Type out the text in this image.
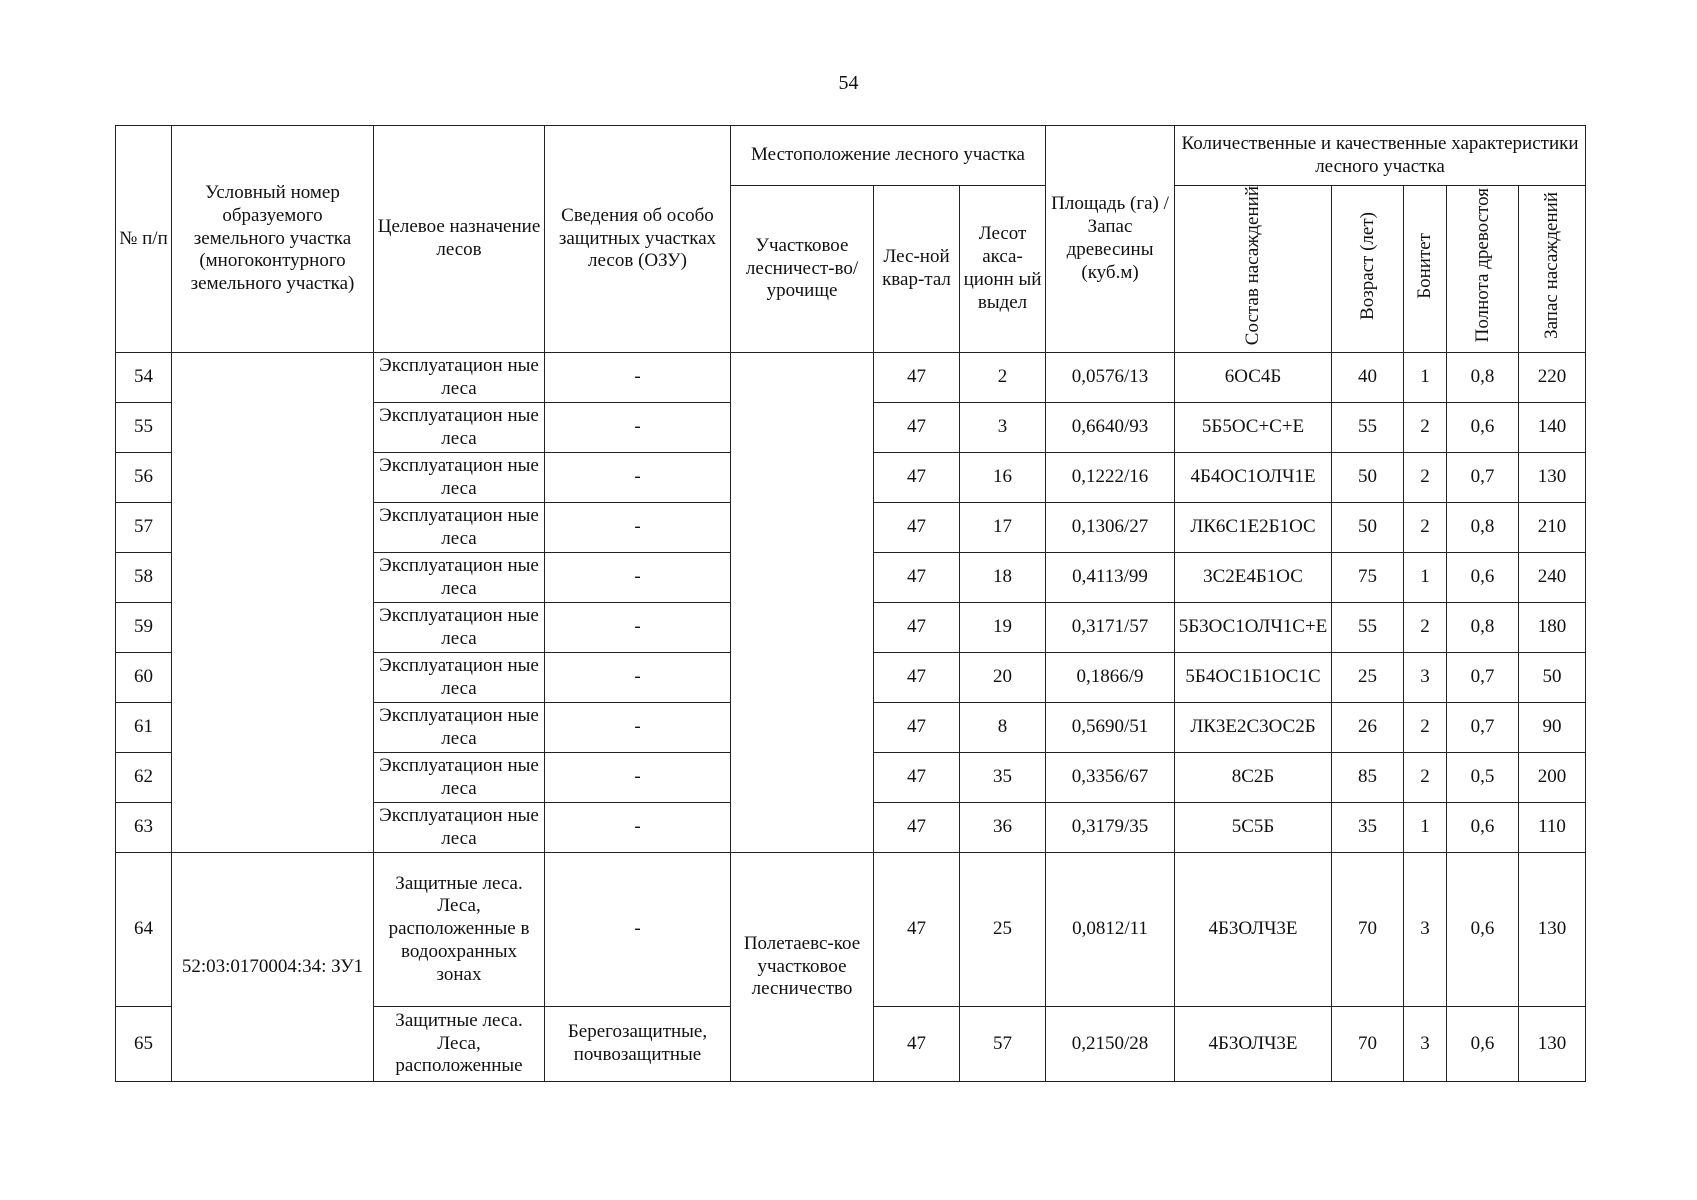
54
№ п/п	Условный номер образуемого земельного участка (многоконтурного земельного участка)	Целевое назначение лесов	Сведения об особо защитных участках лесов (ОЗУ)	Местоположение лесного участка			Площадь (га) / Запас древесины (куб.м)	Количественные и качественные характеристики лесного участка				
				Участковое лесничест-во/урочище	Лес-ной квар-тал	Лесот акса-ционн ый выдел		Состав насаждений	Возраст (лет)	Бонитет	Полнота древостоя	Запас насаждений
54		Эксплуатацион ные леса	-		47	2	0,0576/13	6ОС4Б	40	1	0,8	220
55		Эксплуатацион ные леса	-		47	3	0,6640/93	5Б5ОС+С+Е	55	2	0,6	140
56		Эксплуатацион ные леса	-		47	16	0,1222/16	4Б4ОС1ОЛЧ1Е	50	2	0,7	130
57		Эксплуатацион ные леса	-		47	17	0,1306/27	ЛК6С1Е2Б1ОС	50	2	0,8	210
58		Эксплуатацион ные леса	-		47	18	0,4113/99	3С2Е4Б1ОС	75	1	0,6	240
59		Эксплуатацион ные леса	-		47	19	0,3171/57	5Б3ОС1ОЛЧ1С+Е	55	2	0,8	180
60		Эксплуатацион ные леса	-		47	20	0,1866/9	5Б4ОС1Б1ОС1С	25	3	0,7	50
61		Эксплуатацион ные леса	-		47	8	0,5690/51	ЛК3Е2С3ОС2Б	26	2	0,7	90
62		Эксплуатацион ные леса	-		47	35	0,3356/67	8С2Б	85	2	0,5	200
63		Эксплуатацион ные леса	-		47	36	0,3179/35	5С5Б	35	1	0,6	110
64	52:03:0170004:34: ЗУ1	Защитные леса. Леса, расположенные в водоохранных зонах	-	Полетаевс-кое участковое лесничество	47	25	0,0812/11	4Б3ОЛЧ3Е	70	3	0,6	130
65		Защитные леса. Леса, расположенные	Берегозащитные, почвозащитные		47	57	0,2150/28	4Б3ОЛЧ3Е	70	3	0,6	130
